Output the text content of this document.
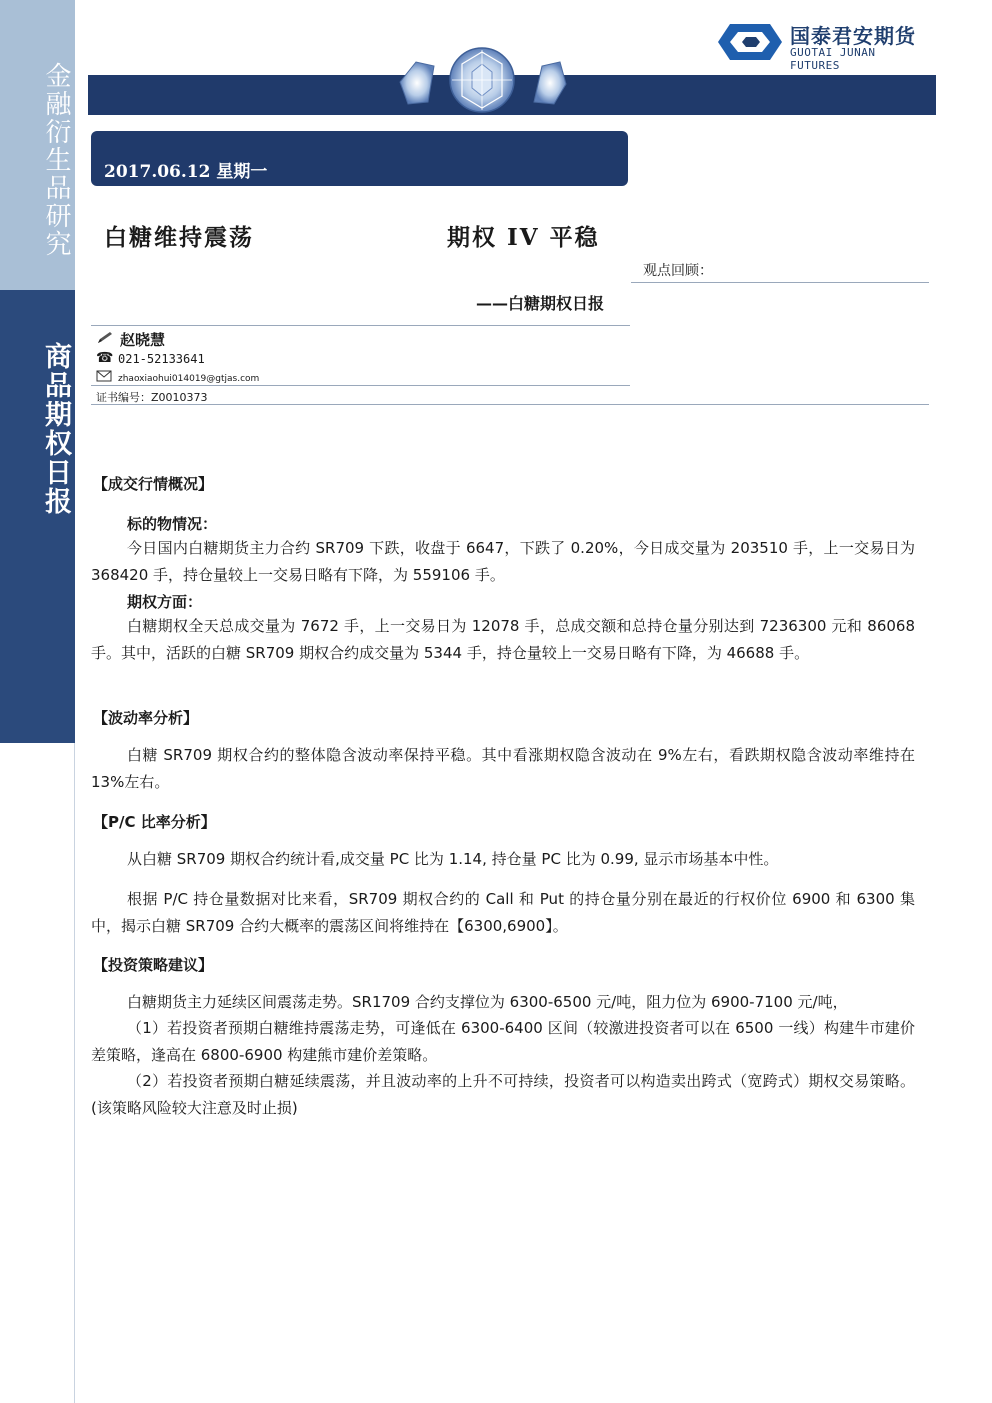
金融衍生品研究
商品期权日报
国泰君安期货
GUOTAI JUNAN FUTURES
2017.06.12 星期一
白糖维持震荡	期权 IV 平稳
——白糖期权日报
观点回顾：
赵晓慧
☎ 021-52133641
zhaoxiaohui014019@gtjas.com
证书编号：Z0010373
【成交行情概况】
标的物情况：

今日国内白糖期货主力合约 SR709 下跌，收盘于 6647，下跌了 0.20%，今日成交量为 203510 手，上一交易日为 368420 手，持仓量较上一交易日略有下降，为 559106 手。

期权方面：

白糖期权全天总成交量为 7672 手，上一交易日为 12078 手，总成交额和总持仓量分别达到 7236300 元和 86068 手。其中，活跃的白糖 SR709 期权合约成交量为 5344 手，持仓量较上一交易日略有下降，为 46688 手。

【波动率分析】

白糖 SR709 期权合约的整体隐含波动率保持平稳。其中看涨期权隐含波动在 9%左右，看跌期权隐含波动率维持在 13%左右。

【P/C 比率分析】

从白糖 SR709 期权合约统计看,成交量 PC 比为 1.14, 持仓量 PC 比为 0.99, 显示市场基本中性。

根据 P/C 持仓量数据对比来看，SR709 期权合约的 Call 和 Put 的持仓量分别在最近的行权价位 6900 和 6300 集中，揭示白糖 SR709 合约大概率的震荡区间将维持在【6300,6900】。

【投资策略建议】

白糖期货主力延续区间震荡走势。SR1709 合约支撑位为 6300-6500 元/吨，阻力位为 6900-7100 元/吨，

（1）若投资者预期白糖维持震荡走势，可逢低在 6300-6400 区间（较激进投资者可以在 6500 一线）构建牛市建价差策略，逢高在 6800-6900 构建熊市建价差策略。

（2）若投资者预期白糖延续震荡，并且波动率的上升不可持续，投资者可以构造卖出跨式（宽跨式）期权交易策略。(该策略风险较大注意及时止损)
